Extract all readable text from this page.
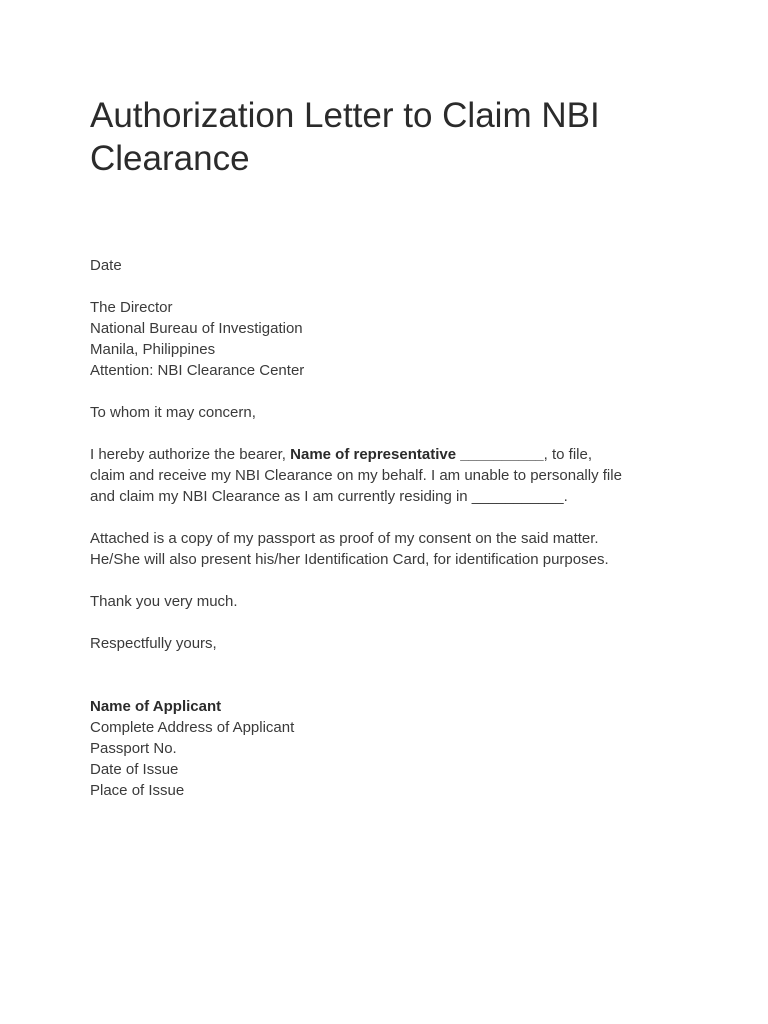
Authorization Letter to Claim NBI
Clearance

Date

The Director
National Bureau of Investigation
Manila, Philippines
Attention: NBI Clearance Center

To whom it may concern,

I hereby authorize the bearer, Name of representative __________, to file,
claim and receive my NBI Clearance on my behalf. I am unable to personally file
and claim my NBI Clearance as I am currently residing in ___________.
Attached is a copy of my passport as proof of my consent on the said matter.
He/She will also present his/her Identification Card, for identification purposes.

Thank you very much.

Respectfully yours,

Name of Applicant
Complete Address of Applicant
Passport No.
Date of Issue
Place of Issue
